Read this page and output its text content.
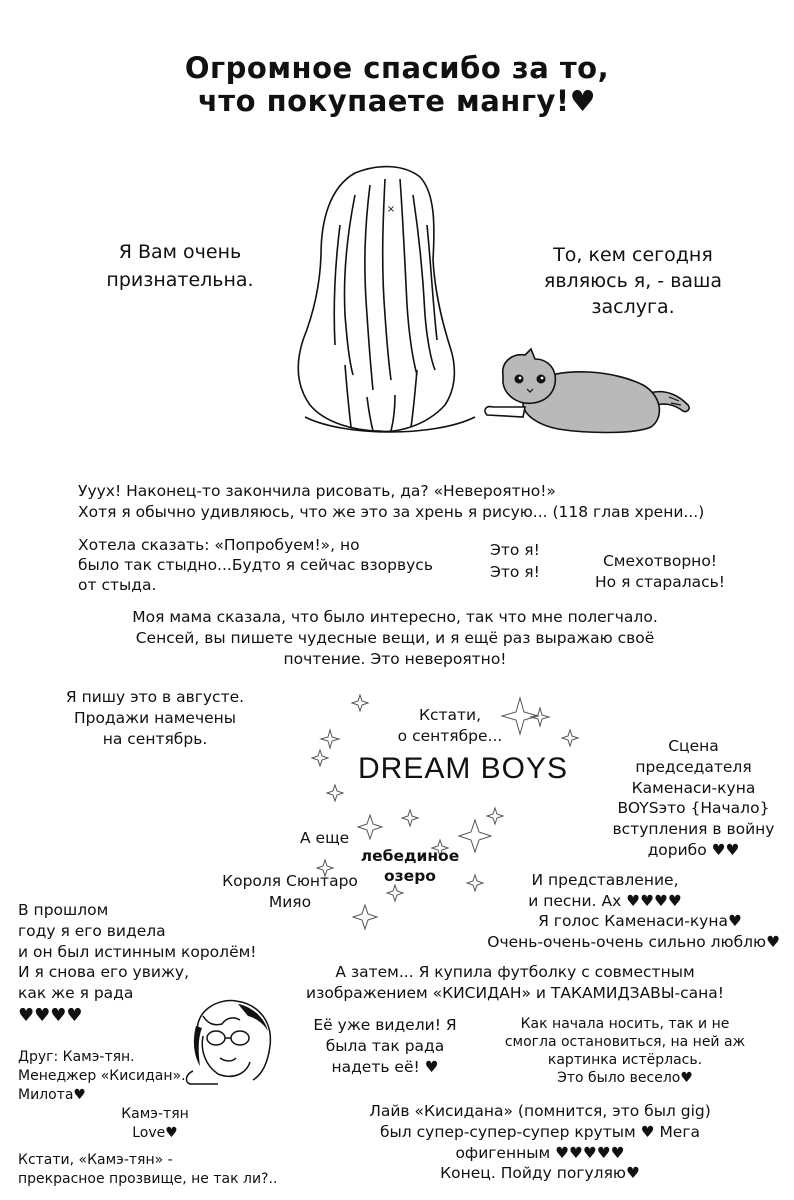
Огромное спасибо за то,
что покупаете мангу!♥
×
Я Вам очень
признательна.
То, кем сегодня
являюсь я, - ваша
заслуга.
Ууух! Наконец-то закончила рисовать, да? «Невероятно!»
Хотя я обычно удивляюсь, что же это за хрень я рисую... (118 глав хрени...)
Хотела сказать: «Попробуем!», но
было так стыдно...Будто я сейчас взорвусь
от стыда.
Это я!
Это я!
Смехотворно!
Но я старалась!
Моя мама сказала, что было интересно, так что мне полегчало.
Сенсей, вы пишете чудесные вещи, и я ещё раз выражаю своё
почтение. Это невероятно!
Я пишу это в августе.
Продажи намечены
на сентябрь.
Кстати,
о сентябре...
DREAM BOYS
А еще
лебединое
озеро
Короля Сюнтаро
Мияо
Сцена
председателя
Каменаси-куна
BOYSэто {Начало}
вступления в войну
дорибо ♥♥
И представление,
и песни. Ах ♥♥♥♥
Я голос Каменаси-куна♥
Очень-очень-очень сильно люблю♥
В прошлом
году я его видела
и он был истинным королём!
И я снова его увижу,
как же я рада
♥♥♥♥
А затем... Я купила футболку с совместным
изображением «КИСИДАН» и ТАКАМИДЗАВЫ-сана!
Её уже видели! Я
была так рада
надеть её! ♥
Как начала носить, так и не
смогла остановиться, на ней аж
картинка истёрлась.
Это было весело♥
Друг: Камэ-тян.
Менеджер «Кисидан».
Милота♥
Камэ-тян
Love♥
Кстати, «Камэ-тян» -
прекрасное прозвище, не так ли?..
Лайв «Кисидана» (помнится, это был gig)
был супер-супер-супер крутым ♥ Мега
офигенным ♥♥♥♥♥
Конец. Пойду погуляю♥
